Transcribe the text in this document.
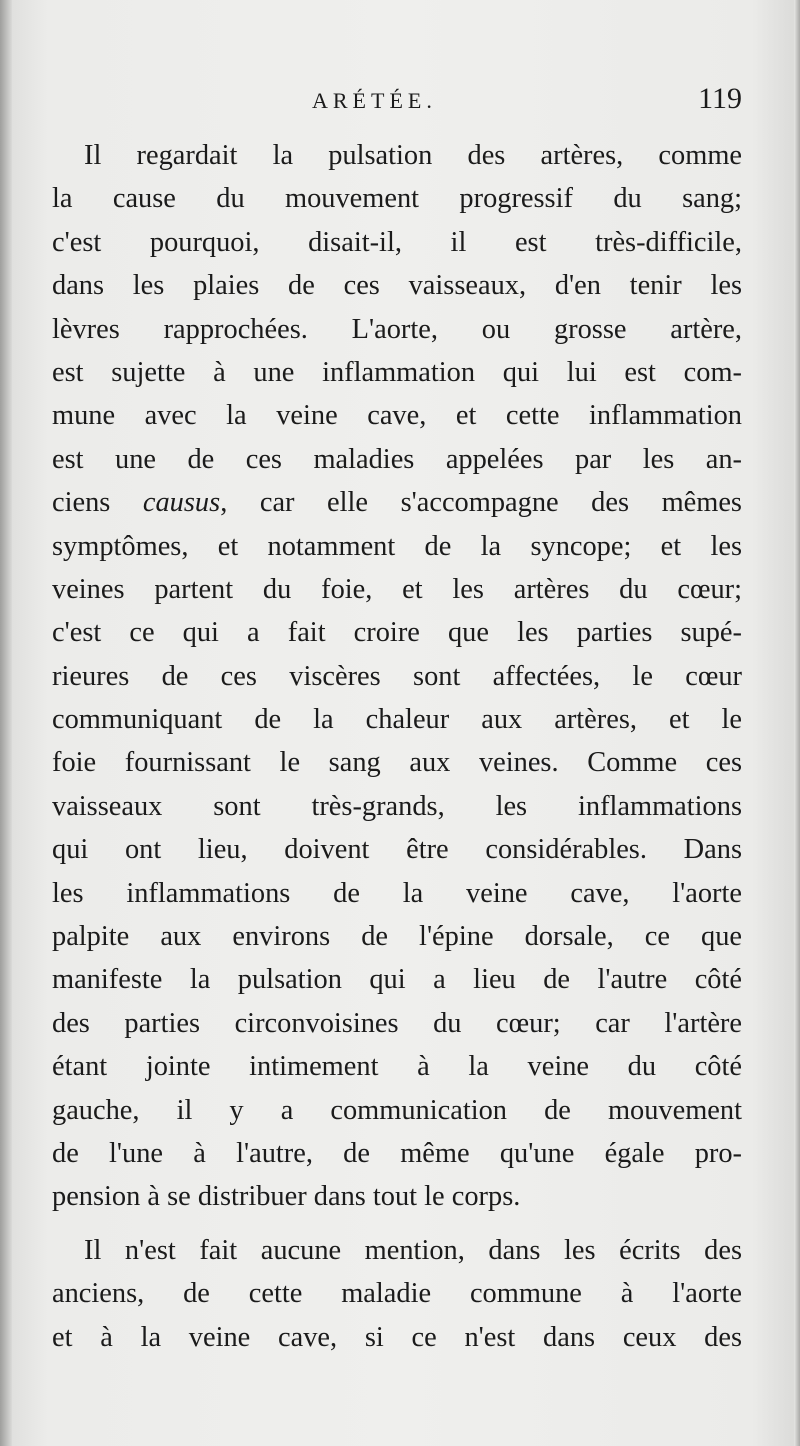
ARÉTÉE.	119

Il regardait la pulsation des artères, comme
la cause du mouvement progressif du sang;
c'est pourquoi, disait-il, il est très-difficile,
dans les plaies de ces vaisseaux, d'en tenir les
lèvres rapprochées. L'aorte, ou grosse artère,
est sujette à une inflammation qui lui est com-
mune avec la veine cave, et cette inflammation
est une de ces maladies appelées par les an-
ciens causus, car elle s'accompagne des mêmes
symptômes, et notamment de la syncope; et les
veines partent du foie, et les artères du cœur;
c'est ce qui a fait croire que les parties supé-
rieures de ces viscères sont affectées, le cœur
communiquant de la chaleur aux artères, et le
foie fournissant le sang aux veines. Comme ces
vaisseaux sont très-grands, les inflammations
qui ont lieu, doivent être considérables. Dans
les inflammations de la veine cave, l'aorte
palpite aux environs de l'épine dorsale, ce que
manifeste la pulsation qui a lieu de l'autre côté
des parties circonvoisines du cœur; car l'artère
étant jointe intimement à la veine du côté
gauche, il y a communication de mouvement
de l'une à l'autre, de même qu'une égale pro-
pension à se distribuer dans tout le corps.

Il n'est fait aucune mention, dans les écrits des
anciens, de cette maladie commune à l'aorte
et à la veine cave, si ce n'est dans ceux des
